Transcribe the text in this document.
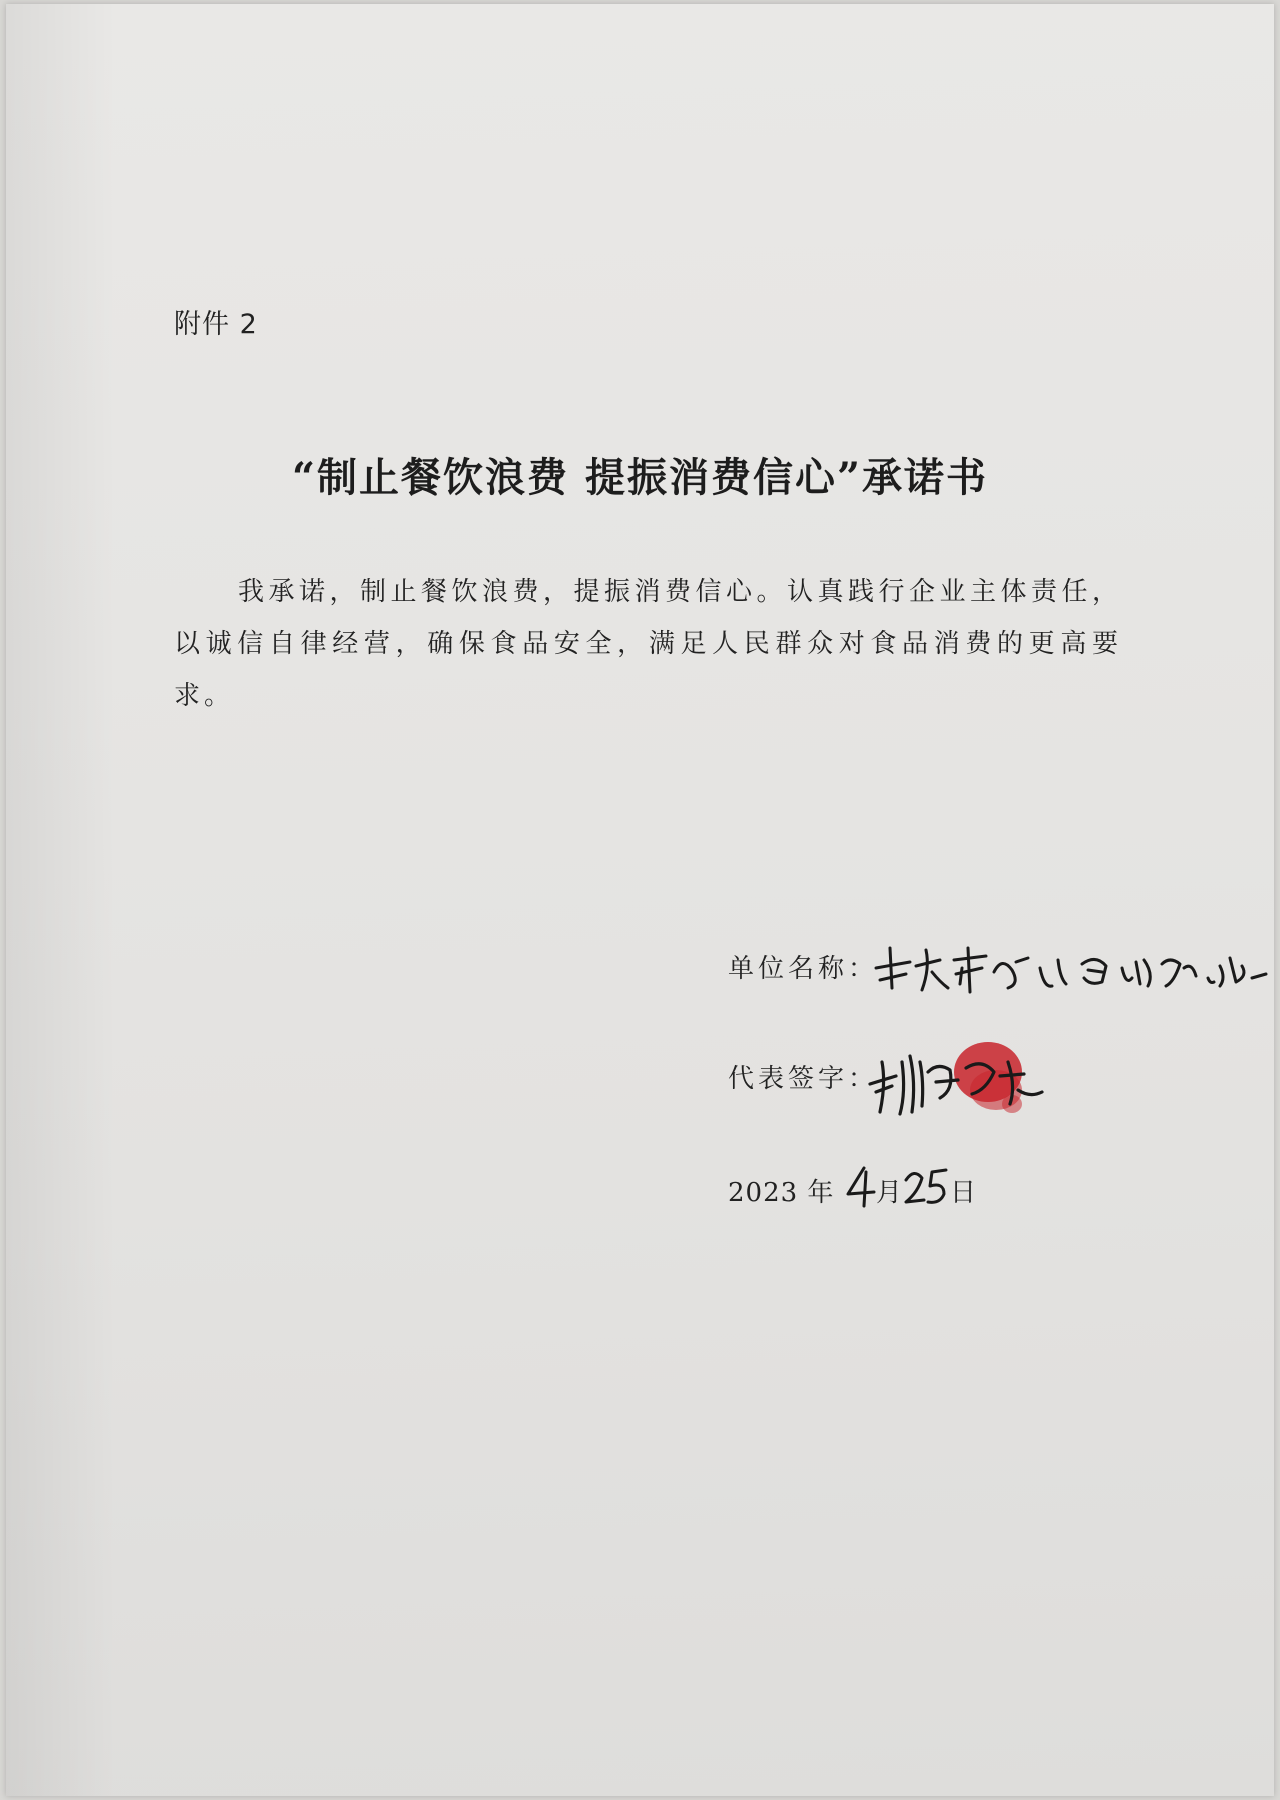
附件 2
“制止餐饮浪费 提振消费信心”承诺书
我承诺，制止餐饮浪费，提振消费信心。认真践行企业主体责任，以诚信自律经营，确保食品安全，满足人民群众对食品消费的更高要求。
单位名称：
代表签字：
2023 年 月 日
